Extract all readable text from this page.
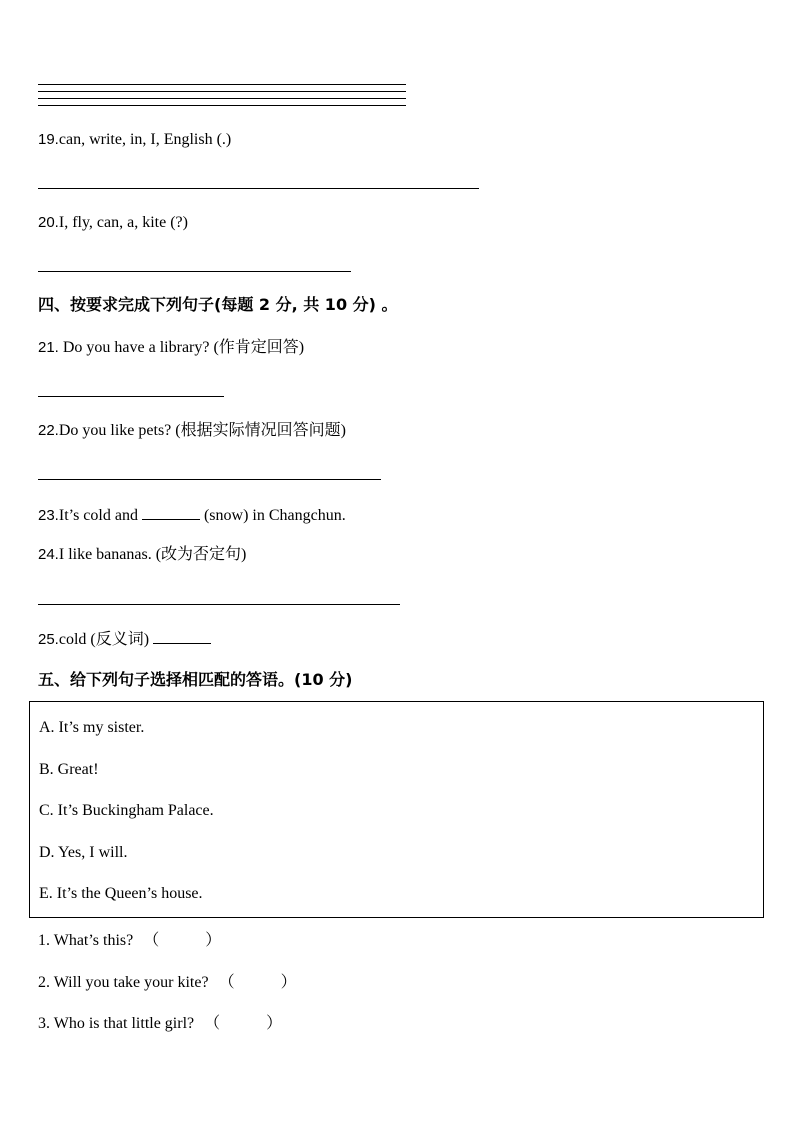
19.can, write, in, I, English (.)
20.I, fly, can, a, kite (?)
四、按要求完成下列句子(每题 2 分, 共 10 分) 。
21. Do you have a library? (作肯定回答)
22.Do you like pets? (根据实际情况回答问题)
23.It’s cold and	(snow) in Changchun.
24.I like bananas. (改为否定句)
25.cold (反义词)
五、给下列句子选择相匹配的答语。(10 分)
A. It’s my sister.
B. Great!
C. It’s Buckingham Palace.
D. Yes, I will.
E. It’s the Queen’s house.
1. What’s this? （	）
2. Will you take your kite? （	）
3. Who is that little girl? （	）
